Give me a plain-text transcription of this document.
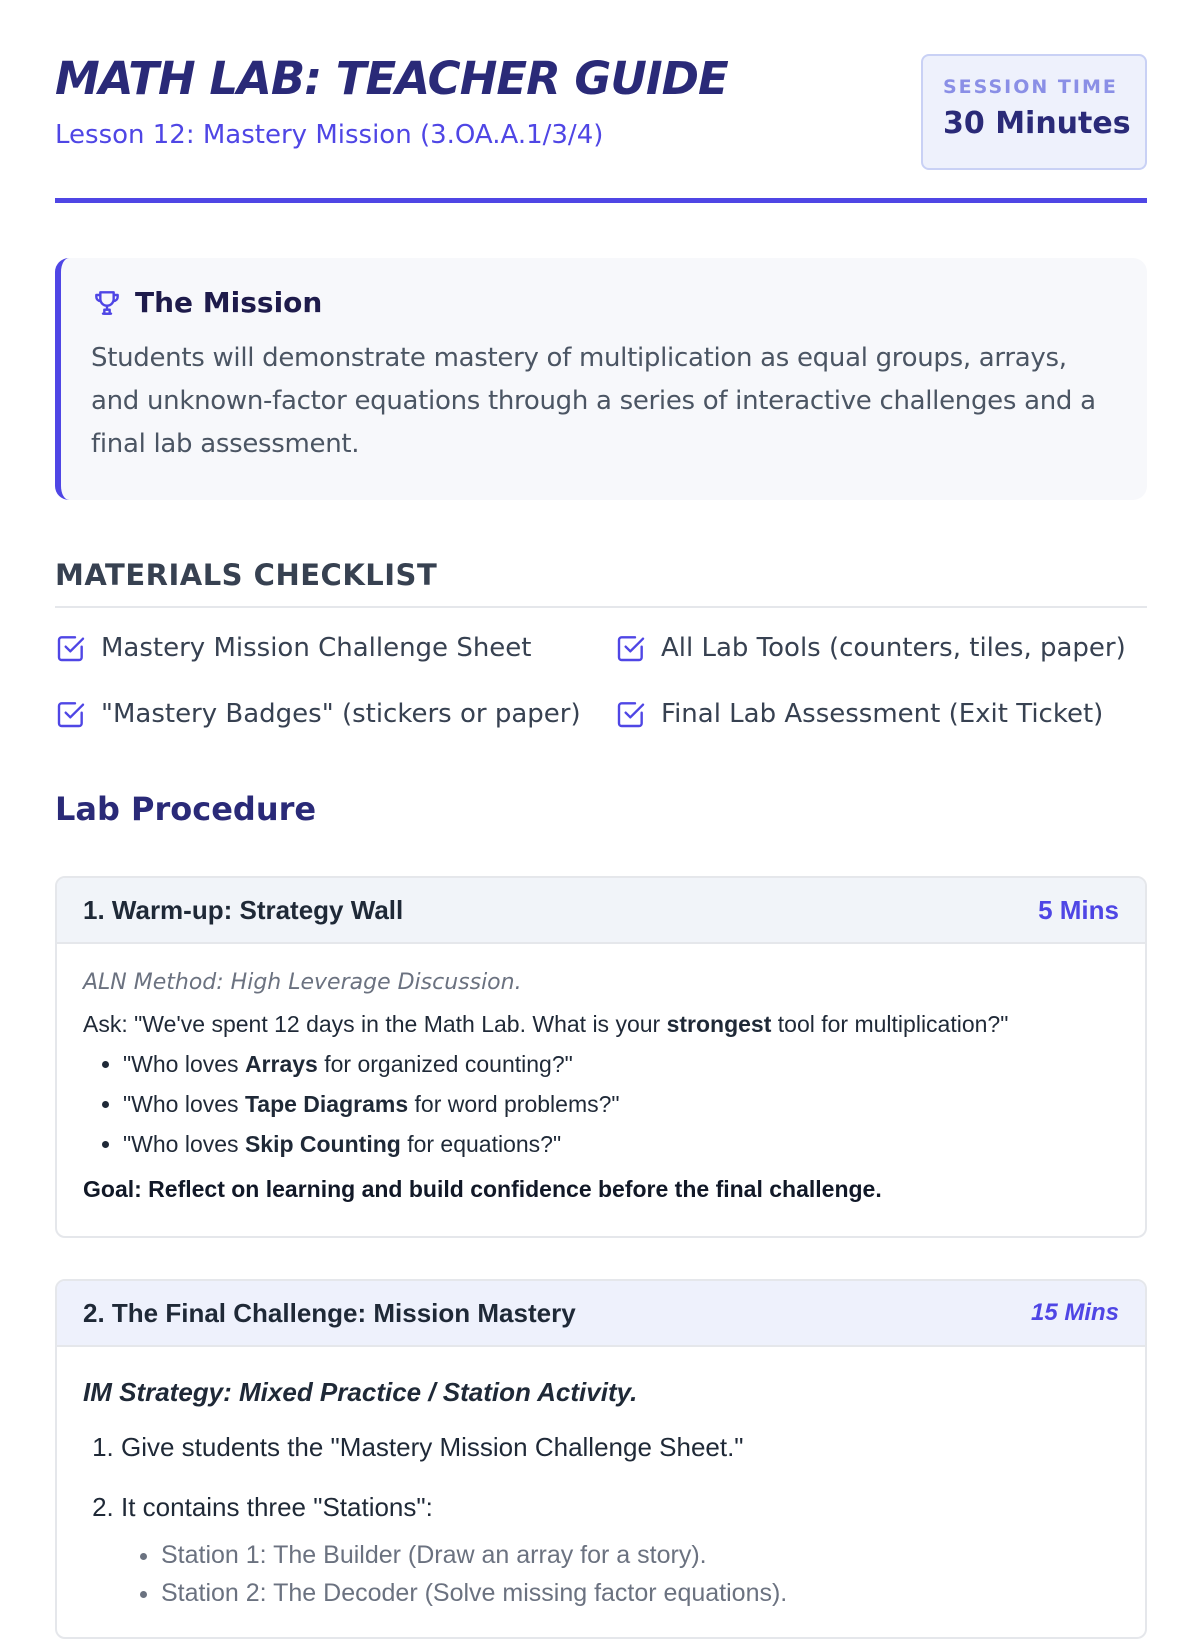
MATH LAB: TEACHER GUIDE
Lesson 12: Mastery Mission (3.OA.A.1/3/4)
SESSION TIME
30 Minutes
The Mission
Students will demonstrate mastery of multiplication as equal groups, arrays, and unknown-factor equations through a series of interactive challenges and a final lab assessment.
MATERIALS CHECKLIST
Mastery Mission Challenge Sheet	All Lab Tools (counters, tiles, paper)
"Mastery Badges" (stickers or paper)	Final Lab Assessment (Exit Ticket)
Lab Procedure
1. Warm-up: Strategy Wall	5 Mins
ALN Method: High Leverage Discussion.
Ask: "We've spent 12 days in the Math Lab. What is your strongest tool for multiplication?"
• "Who loves Arrays for organized counting?"
• "Who loves Tape Diagrams for word problems?"
• "Who loves Skip Counting for equations?"
Goal: Reflect on learning and build confidence before the final challenge.
2. The Final Challenge: Mission Mastery	15 Mins
IM Strategy: Mixed Practice / Station Activity.
1. Give students the "Mastery Mission Challenge Sheet."
2. It contains three "Stations":
• Station 1: The Builder (Draw an array for a story).
• Station 2: The Decoder (Solve missing factor equations).
